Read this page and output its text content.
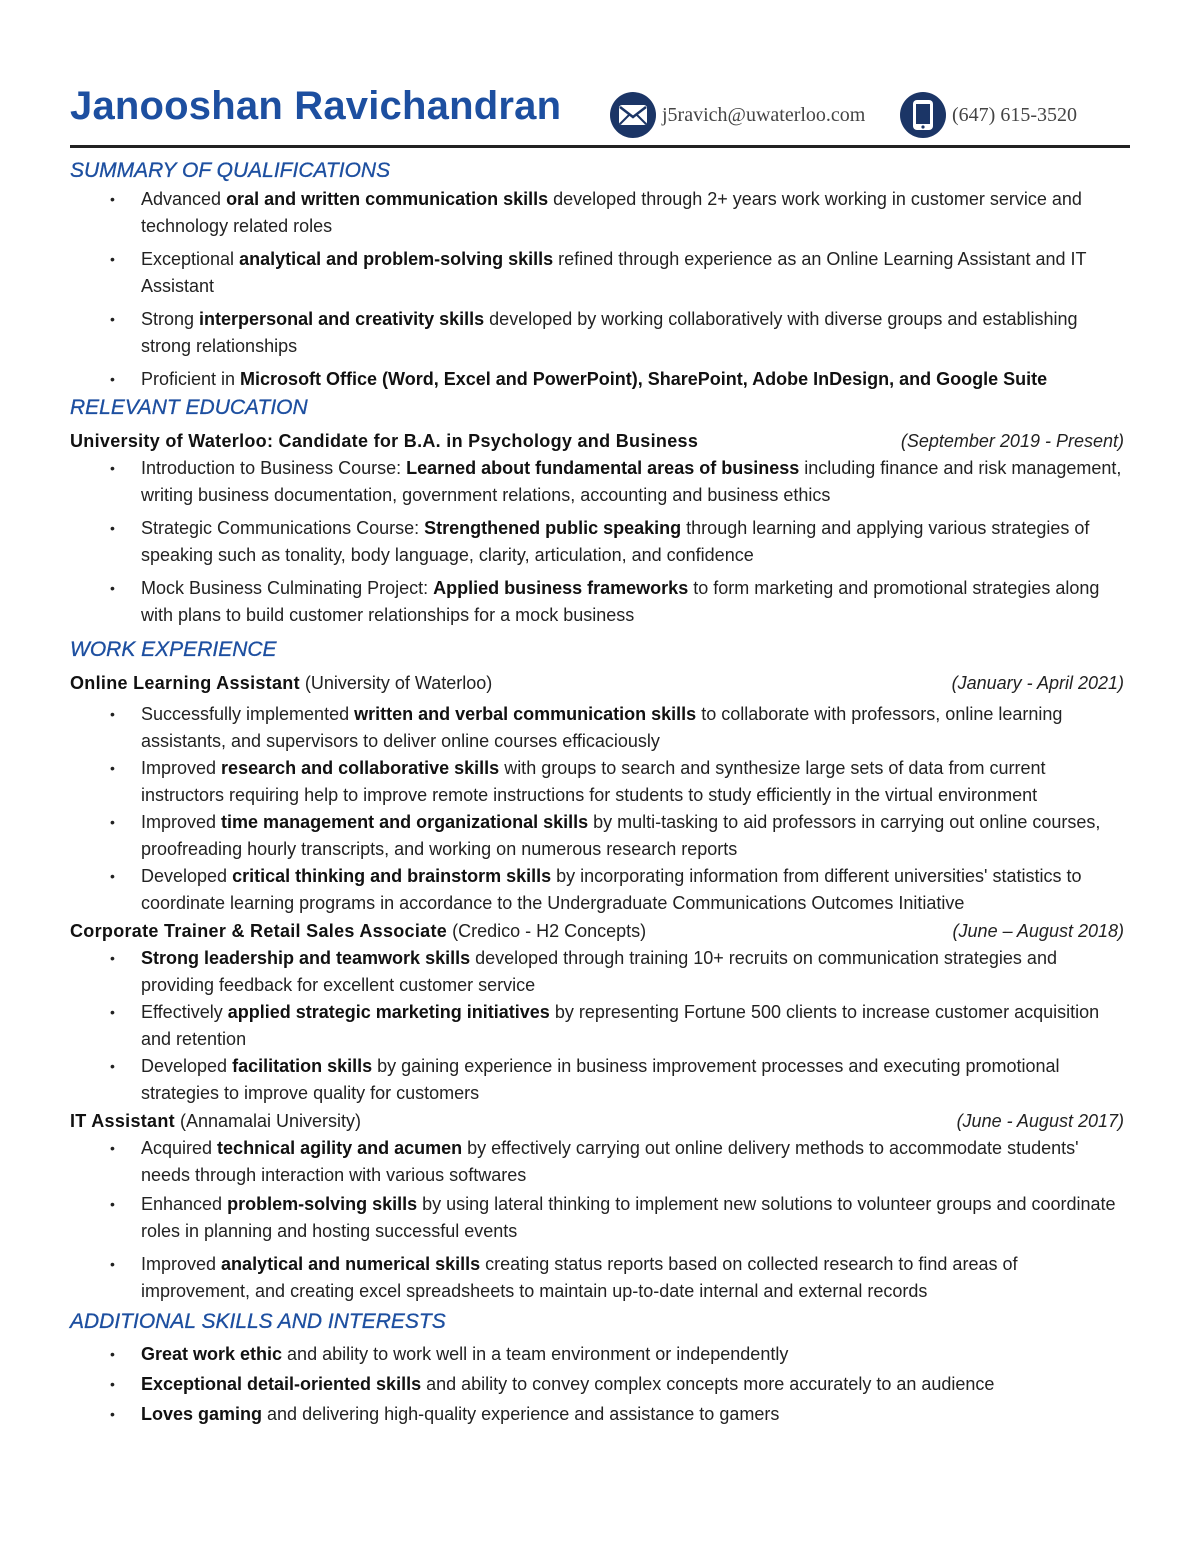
Janooshan Ravichandran	j5ravich@uwaterloo.com	(647) 615-3520
SUMMARY OF QUALIFICATIONS
• Advanced oral and written communication skills developed through 2+ years work working in customer service and technology related roles
• Exceptional analytical and problem-solving skills refined through experience as an Online Learning Assistant and IT Assistant
• Strong interpersonal and creativity skills developed by working collaboratively with diverse groups and establishing strong relationships
• Proficient in Microsoft Office (Word, Excel and PowerPoint), SharePoint, Adobe InDesign, and Google Suite
RELEVANT EDUCATION
University of Waterloo: Candidate for B.A. in Psychology and Business	(September 2019 - Present)
• Introduction to Business Course: Learned about fundamental areas of business including finance and risk management, writing business documentation, government relations, accounting and business ethics
• Strategic Communications Course: Strengthened public speaking through learning and applying various strategies of speaking such as tonality, body language, clarity, articulation, and confidence
• Mock Business Culminating Project: Applied business frameworks to form marketing and promotional strategies along with plans to build customer relationships for a mock business
WORK EXPERIENCE
Online Learning Assistant (University of Waterloo)	(January - April 2021)
• Successfully implemented written and verbal communication skills to collaborate with professors, online learning assistants, and supervisors to deliver online courses efficaciously
• Improved research and collaborative skills with groups to search and synthesize large sets of data from current instructors requiring help to improve remote instructions for students to study efficiently in the virtual environment
• Improved time management and organizational skills by multi-tasking to aid professors in carrying out online courses, proofreading hourly transcripts, and working on numerous research reports
• Developed critical thinking and brainstorm skills by incorporating information from different universities' statistics to coordinate learning programs in accordance to the Undergraduate Communications Outcomes Initiative
Corporate Trainer & Retail Sales Associate (Credico - H2 Concepts)	(June – August 2018)
• Strong leadership and teamwork skills developed through training 10+ recruits on communication strategies and providing feedback for excellent customer service
• Effectively applied strategic marketing initiatives by representing Fortune 500 clients to increase customer acquisition and retention
• Developed facilitation skills by gaining experience in business improvement processes and executing promotional strategies to improve quality for customers
IT Assistant (Annamalai University)	(June - August 2017)
• Acquired technical agility and acumen by effectively carrying out online delivery methods to accommodate students' needs through interaction with various softwares
• Enhanced problem-solving skills by using lateral thinking to implement new solutions to volunteer groups and coordinate roles in planning and hosting successful events
• Improved analytical and numerical skills creating status reports based on collected research to find areas of improvement, and creating excel spreadsheets to maintain up-to-date internal and external records
ADDITIONAL SKILLS AND INTERESTS
• Great work ethic and ability to work well in a team environment or independently
• Exceptional detail-oriented skills and ability to convey complex concepts more accurately to an audience
• Loves gaming and delivering high-quality experience and assistance to gamers
